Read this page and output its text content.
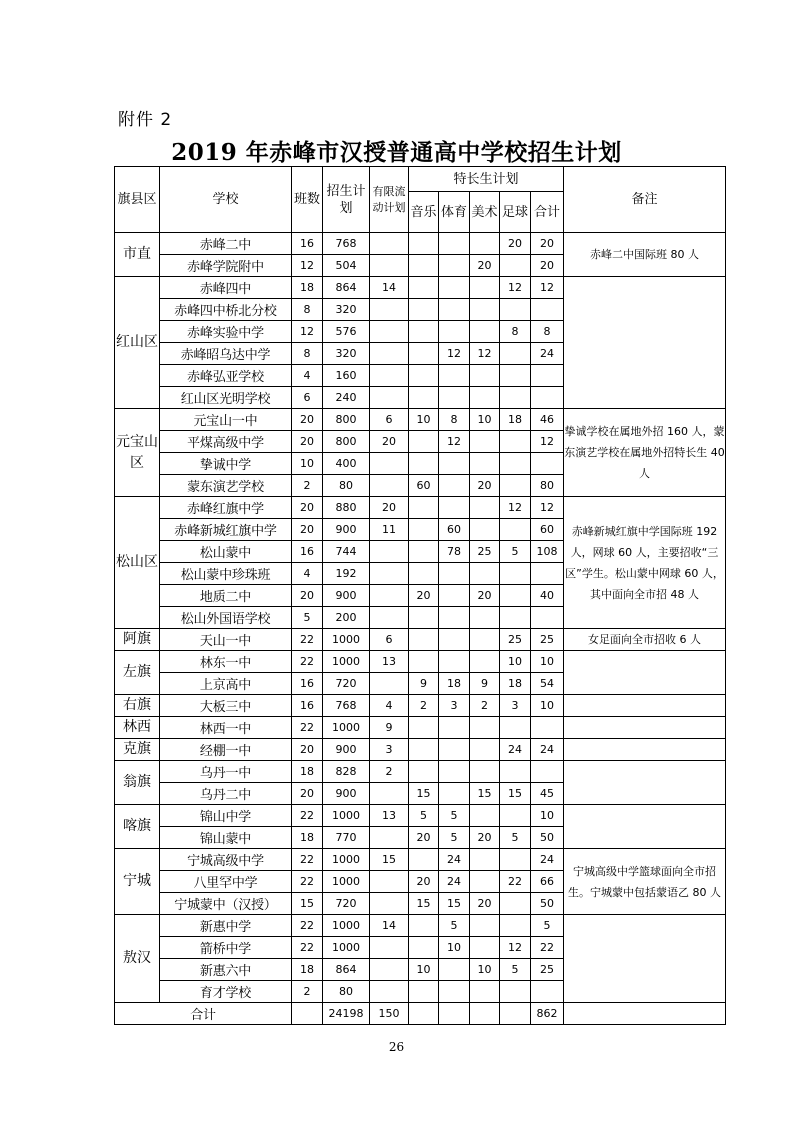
附件 2
2019 年赤峰市汉授普通高中学校招生计划
旗县区	学校	班数	招生计划	有限流动计划	特长生计划					备注
					音乐	体育	美术	足球	合计	
市直	赤峰二中	16	768					20	20	赤峰二中国际班 80 人
	赤峰学院附中	12	504				20		20	
红山区	赤峰四中	18	864	14				12	12	
	赤峰四中桥北分校	8	320							
	赤峰实验中学	12	576					8	8	
	赤峰昭乌达中学	8	320			12	12		24	
	赤峰弘亚学校	4	160							
	红山区光明学校	6	240							
元宝山区	元宝山一中	20	800	6	10	8	10	18	46	挚诚学校在属地外招 160 人，蒙东演艺学校在属地外招特长生 40 人
	平煤高级中学	20	800	20		12			12	
	挚诚中学	10	400							
	蒙东演艺学校	2	80		60		20		80	
松山区	赤峰红旗中学	20	880	20				12	12	赤峰新城红旗中学国际班 192 人，网球 60 人，主要招收“三区”学生。松山蒙中网球 60 人，其中面向全市招 48 人
	赤峰新城红旗中学	20	900	11		60			60	
	松山蒙中	16	744			78	25	5	108	
	松山蒙中珍珠班	4	192							
	地质二中	20	900		20		20		40	
	松山外国语学校	5	200							
阿旗	天山一中	22	1000	6				25	25	女足面向全市招收 6 人
左旗	林东一中	22	1000	13				10	10	
	上京高中	16	720		9	18	9	18	54	
右旗	大板三中	16	768	4	2	3	2	3	10	
林西	林西一中	22	1000	9						
克旗	经棚一中	20	900	3				24	24	
翁旗	乌丹一中	18	828	2						
	乌丹二中	20	900		15		15	15	45	
喀旗	锦山中学	22	1000	13	5	5			10	
	锦山蒙中	18	770		20	5	20	5	50	
宁城	宁城高级中学	22	1000	15		24			24	宁城高级中学篮球面向全市招生。宁城蒙中包括蒙语乙 80 人
	八里罕中学	22	1000		20	24		22	66	
	宁城蒙中（汉授）	15	720		15	15	20		50	
敖汉	新惠中学	22	1000	14		5			5	
	箭桥中学	22	1000			10		12	22	
	新惠六中	18	864		10		10	5	25	
	育才学校	2	80							
合计			24198	150					862	
26
